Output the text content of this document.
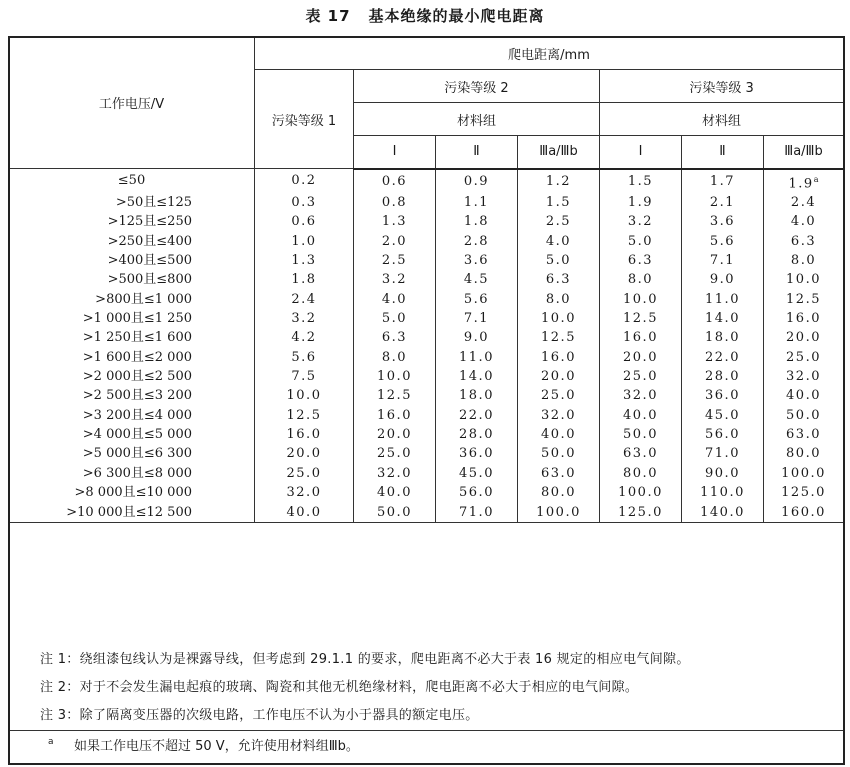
表 17 基本绝缘的最小爬电距离
工作电压/V	爬电距离/mm						
	污染等级 1	污染等级 2			污染等级 3		
		材料组			材料组		
		Ⅰ	Ⅱ	Ⅲa/Ⅲb	Ⅰ	Ⅱ	Ⅲa/Ⅲb
≤50	0.2	0.6	0.9	1.2	1.5	1.7	1.9$^a$
>50且≤125	0.3	0.8	1.1	1.5	1.9	2.1	2.4
>125且≤250	0.6	1.3	1.8	2.5	3.2	3.6	4.0
>250且≤400	1.0	2.0	2.8	4.0	5.0	5.6	6.3
>400且≤500	1.3	2.5	3.6	5.0	6.3	7.1	8.0
>500且≤800	1.8	3.2	4.5	6.3	8.0	9.0	10.0
>800且≤1 000	2.4	4.0	5.6	8.0	10.0	11.0	12.5
>1 000且≤1 250	3.2	5.0	7.1	10.0	12.5	14.0	16.0
>1 250且≤1 600	4.2	6.3	9.0	12.5	16.0	18.0	20.0
>1 600且≤2 000	5.6	8.0	11.0	16.0	20.0	22.0	25.0
>2 000且≤2 500	7.5	10.0	14.0	20.0	25.0	28.0	32.0
>2 500且≤3 200	10.0	12.5	18.0	25.0	32.0	36.0	40.0
>3 200且≤4 000	12.5	16.0	22.0	32.0	40.0	45.0	50.0
>4 000且≤5 000	16.0	20.0	28.0	40.0	50.0	56.0	63.0
>5 000且≤6 300	20.0	25.0	36.0	50.0	63.0	71.0	80.0
>6 300且≤8 000	25.0	32.0	45.0	63.0	80.0	90.0	100.0
>8 000且≤10 000	32.0	40.0	56.0	80.0	100.0	110.0	125.0
>10 000且≤12 500	40.0	50.0	71.0	100.0	125.0	140.0	160.0
注 1：绕组漆包线认为是裸露导线，但考虑到 29.1.1 的要求，爬电距离不必大于表 16 规定的相应电气间隙。
注 2：对于不会发生漏电起痕的玻璃、陶瓷和其他无机绝缘材料，爬电距离不必大于相应的电气间隙。
注 3：除了隔离变压器的次级电路，工作电压不认为小于器具的额定电压。
a 如果工作电压不超过 50 V，允许使用材料组Ⅲb。
